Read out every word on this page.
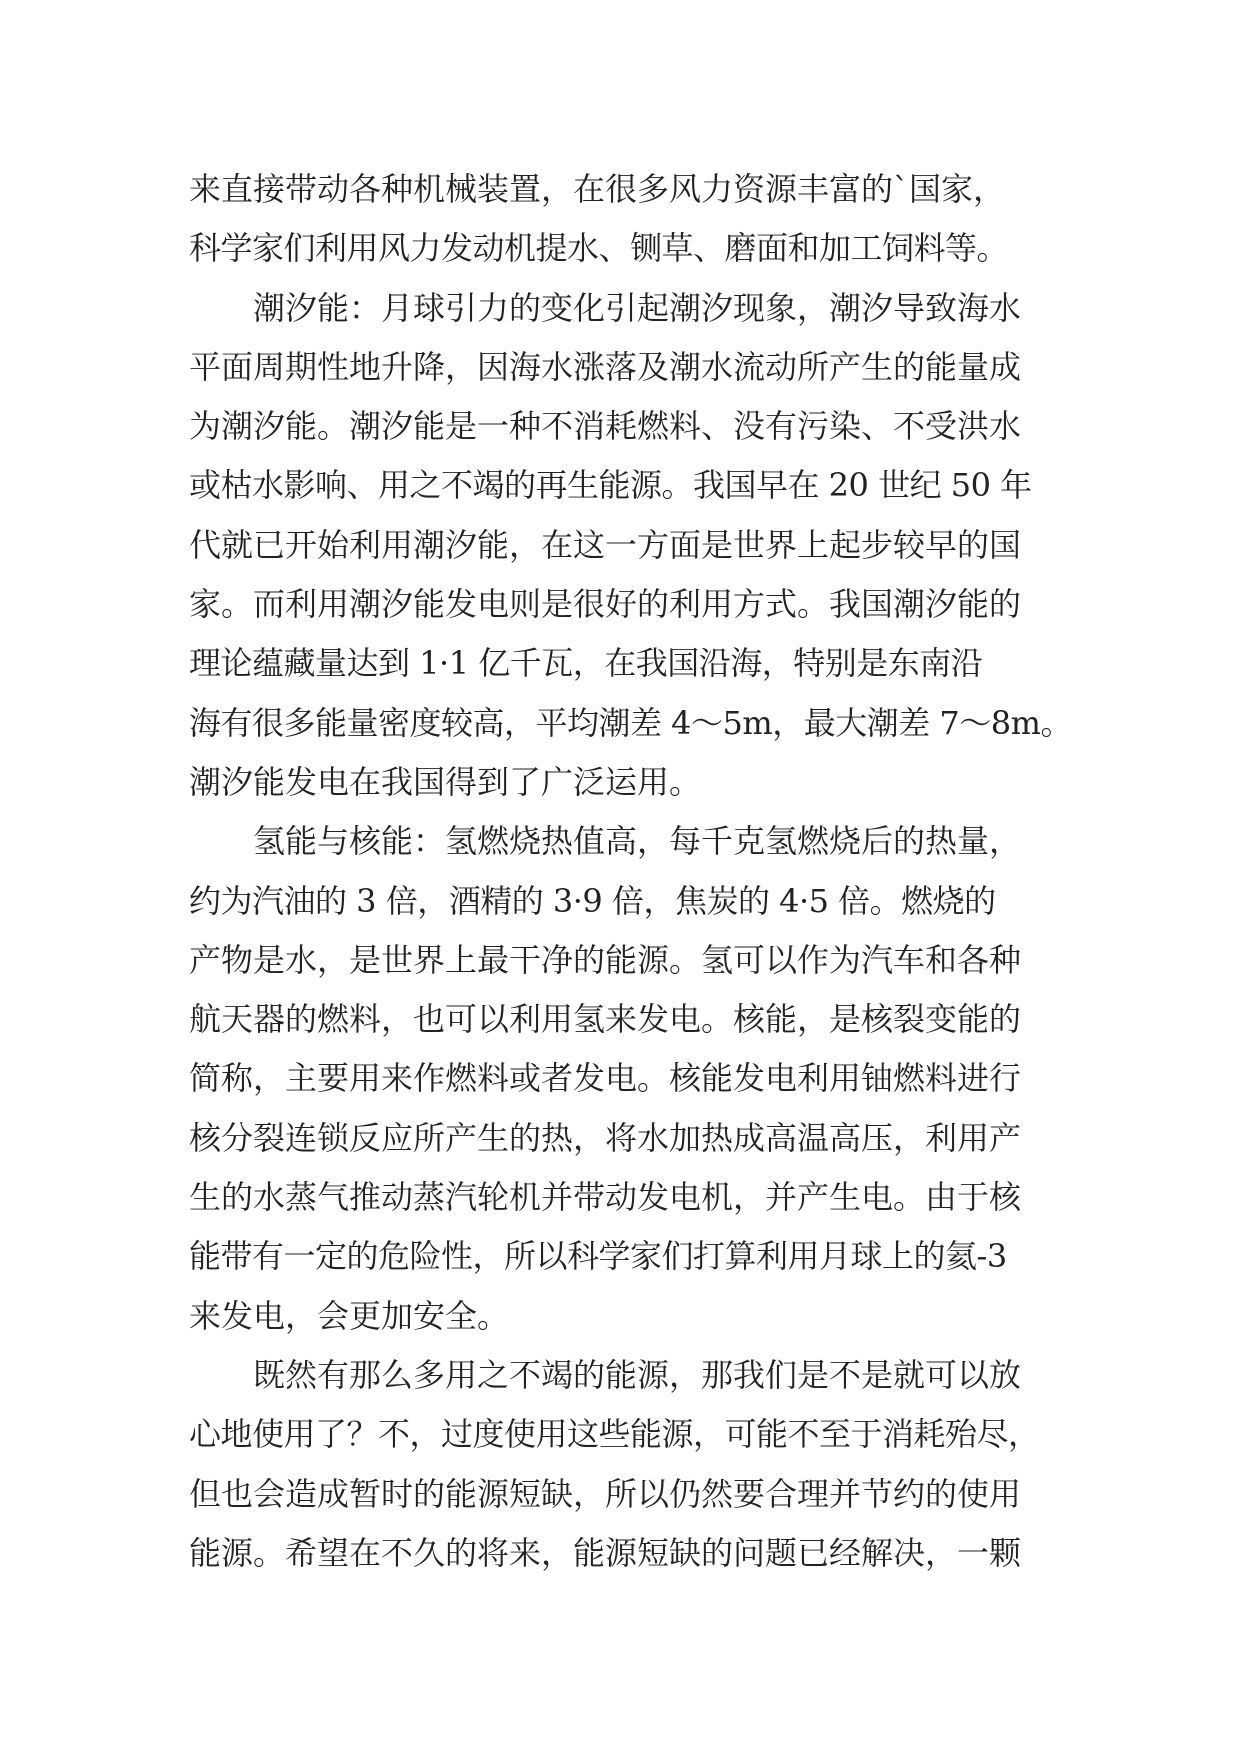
来直接带动各种机械装置，在很多风力资源丰富的`国家，

科学家们利用风力发动机提水、铡草、磨面和加工饲料等。

潮汐能：月球引力的变化引起潮汐现象，潮汐导致海水

平面周期性地升降，因海水涨落及潮水流动所产生的能量成

为潮汐能。潮汐能是一种不消耗燃料、没有污染、不受洪水

或枯水影响、用之不竭的再生能源。我国早在 20 世纪 50 年

代就已开始利用潮汐能，在这一方面是世界上起步较早的国

家。而利用潮汐能发电则是很好的利用方式。我国潮汐能的

理论蕴藏量达到 1·1 亿千瓦，在我国沿海，特别是东南沿

海有很多能量密度较高，平均潮差 4～5m，最大潮差 7～8m。

潮汐能发电在我国得到了广泛运用。

氢能与核能：氢燃烧热值高，每千克氢燃烧后的热量，

约为汽油的 3 倍，酒精的 3·9 倍，焦炭的 4·5 倍。燃烧的

产物是水，是世界上最干净的能源。氢可以作为汽车和各种

航天器的燃料，也可以利用氢来发电。核能，是核裂变能的

简称，主要用来作燃料或者发电。核能发电利用铀燃料进行

核分裂连锁反应所产生的热，将水加热成高温高压，利用产

生的水蒸气推动蒸汽轮机并带动发电机，并产生电。由于核

能带有一定的危险性，所以科学家们打算利用月球上的氦-3

来发电，会更加安全。

既然有那么多用之不竭的能源，那我们是不是就可以放

心地使用了？不，过度使用这些能源，可能不至于消耗殆尽，

但也会造成暂时的能源短缺，所以仍然要合理并节约的使用

能源。希望在不久的将来，能源短缺的问题已经解决，一颗
